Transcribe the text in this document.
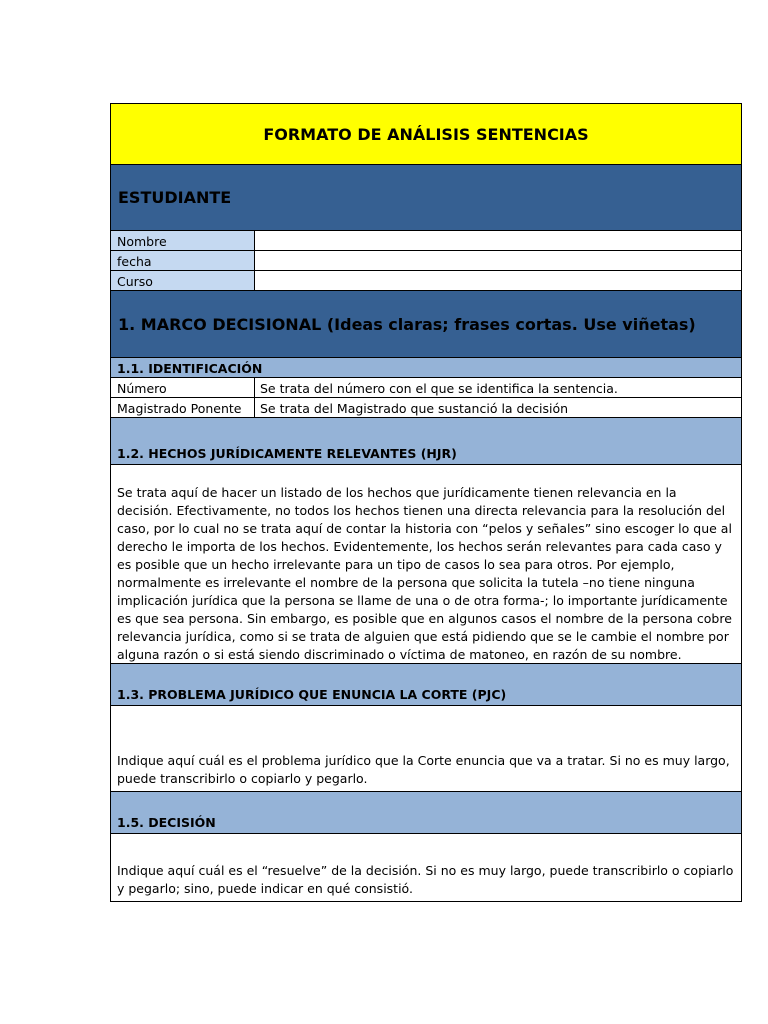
FORMATO DE ANÁLISIS SENTENCIAS
ESTUDIANTE
Nombre
fecha
Curso
1. MARCO DECISIONAL (Ideas claras; frases cortas. Use viñetas)
1.1. IDENTIFICACIÓN
Número	Se trata del número con el que se identifica la sentencia.
Magistrado Ponente	Se trata del Magistrado que sustanció la decisión
1.2. HECHOS JURÍDICAMENTE RELEVANTES (HJR)
Se trata aquí de hacer un listado de los hechos que jurídicamente tienen relevancia en la decisión. Efectivamente, no todos los hechos tienen una directa relevancia para la resolución del caso, por lo cual no se trata aquí de contar la historia con “pelos y señales” sino escoger lo que al derecho le importa de los hechos. Evidentemente, los hechos serán relevantes para cada caso y es posible que un hecho irrelevante para un tipo de casos lo sea para otros. Por ejemplo, normalmente es irrelevante el nombre de la persona que solicita la tutela –no tiene ninguna implicación jurídica que la persona se llame de una o de otra forma-; lo importante jurídicamente es que sea persona. Sin embargo, es posible que en algunos casos el nombre de la persona cobre relevancia jurídica, como si se trata de alguien que está pidiendo que se le cambie el nombre por alguna razón o si está siendo discriminado o víctima de matoneo, en razón de su nombre.
1.3. PROBLEMA JURÍDICO QUE ENUNCIA LA CORTE (PJC)
Indique aquí cuál es el problema jurídico que la Corte enuncia que va a tratar. Si no es muy largo, puede transcribirlo o copiarlo y pegarlo.
1.5. DECISIÓN
Indique aquí cuál es el “resuelve” de la decisión. Si no es muy largo, puede transcribirlo o copiarlo y pegarlo; sino, puede indicar en qué consistió.
